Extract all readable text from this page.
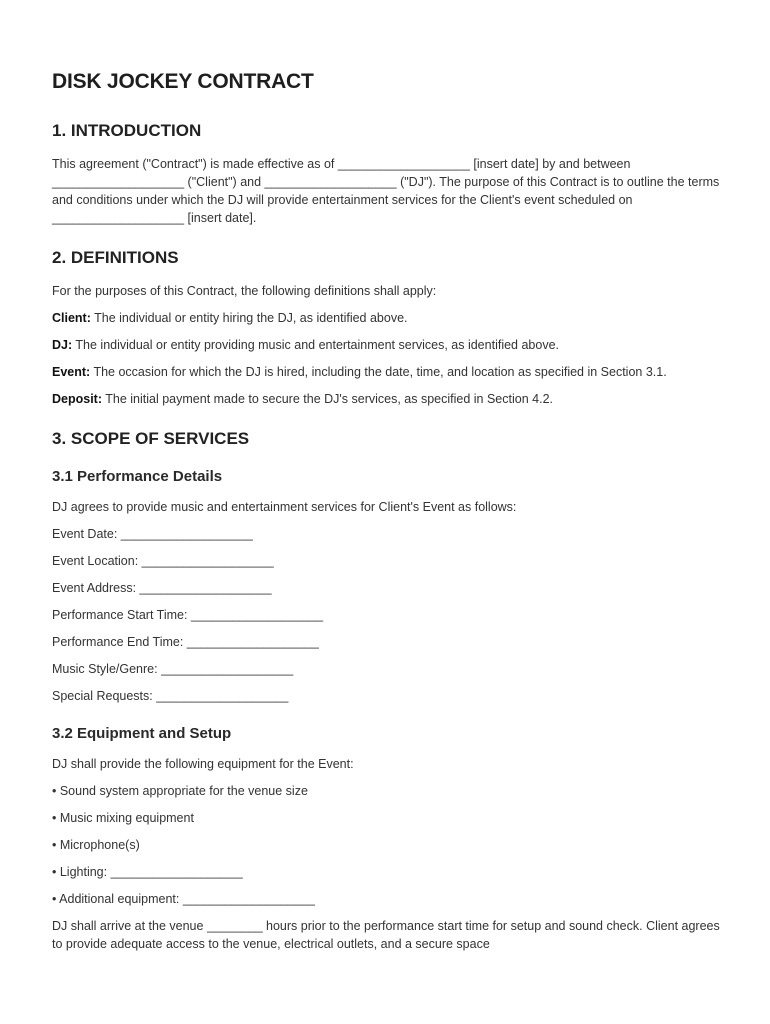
DISK JOCKEY CONTRACT
1. INTRODUCTION

This agreement ("Contract") is made effective as of ___________________ [insert date] by and between ___________________ ("Client") and ___________________ ("DJ"). The purpose of this Contract is to outline the terms and conditions under which the DJ will provide entertainment services for the Client's event scheduled on ___________________ [insert date].

2. DEFINITIONS

For the purposes of this Contract, the following definitions shall apply:

Client: The individual or entity hiring the DJ, as identified above.

DJ: The individual or entity providing music and entertainment services, as identified above.

Event: The occasion for which the DJ is hired, including the date, time, and location as specified in Section 3.1.

Deposit: The initial payment made to secure the DJ's services, as specified in Section 4.2.

3. SCOPE OF SERVICES
3.1 Performance Details

DJ agrees to provide music and entertainment services for Client's Event as follows:

Event Date: ___________________

Event Location: ___________________

Event Address: ___________________

Performance Start Time: ___________________

Performance End Time: ___________________

Music Style/Genre: ___________________

Special Requests: ___________________

3.2 Equipment and Setup

DJ shall provide the following equipment for the Event:

• Sound system appropriate for the venue size

• Music mixing equipment

• Microphone(s)

• Lighting: ___________________

• Additional equipment: ___________________

DJ shall arrive at the venue ________ hours prior to the performance start time for setup and sound check. Client agrees to provide adequate access to the venue, electrical outlets, and a secure space
